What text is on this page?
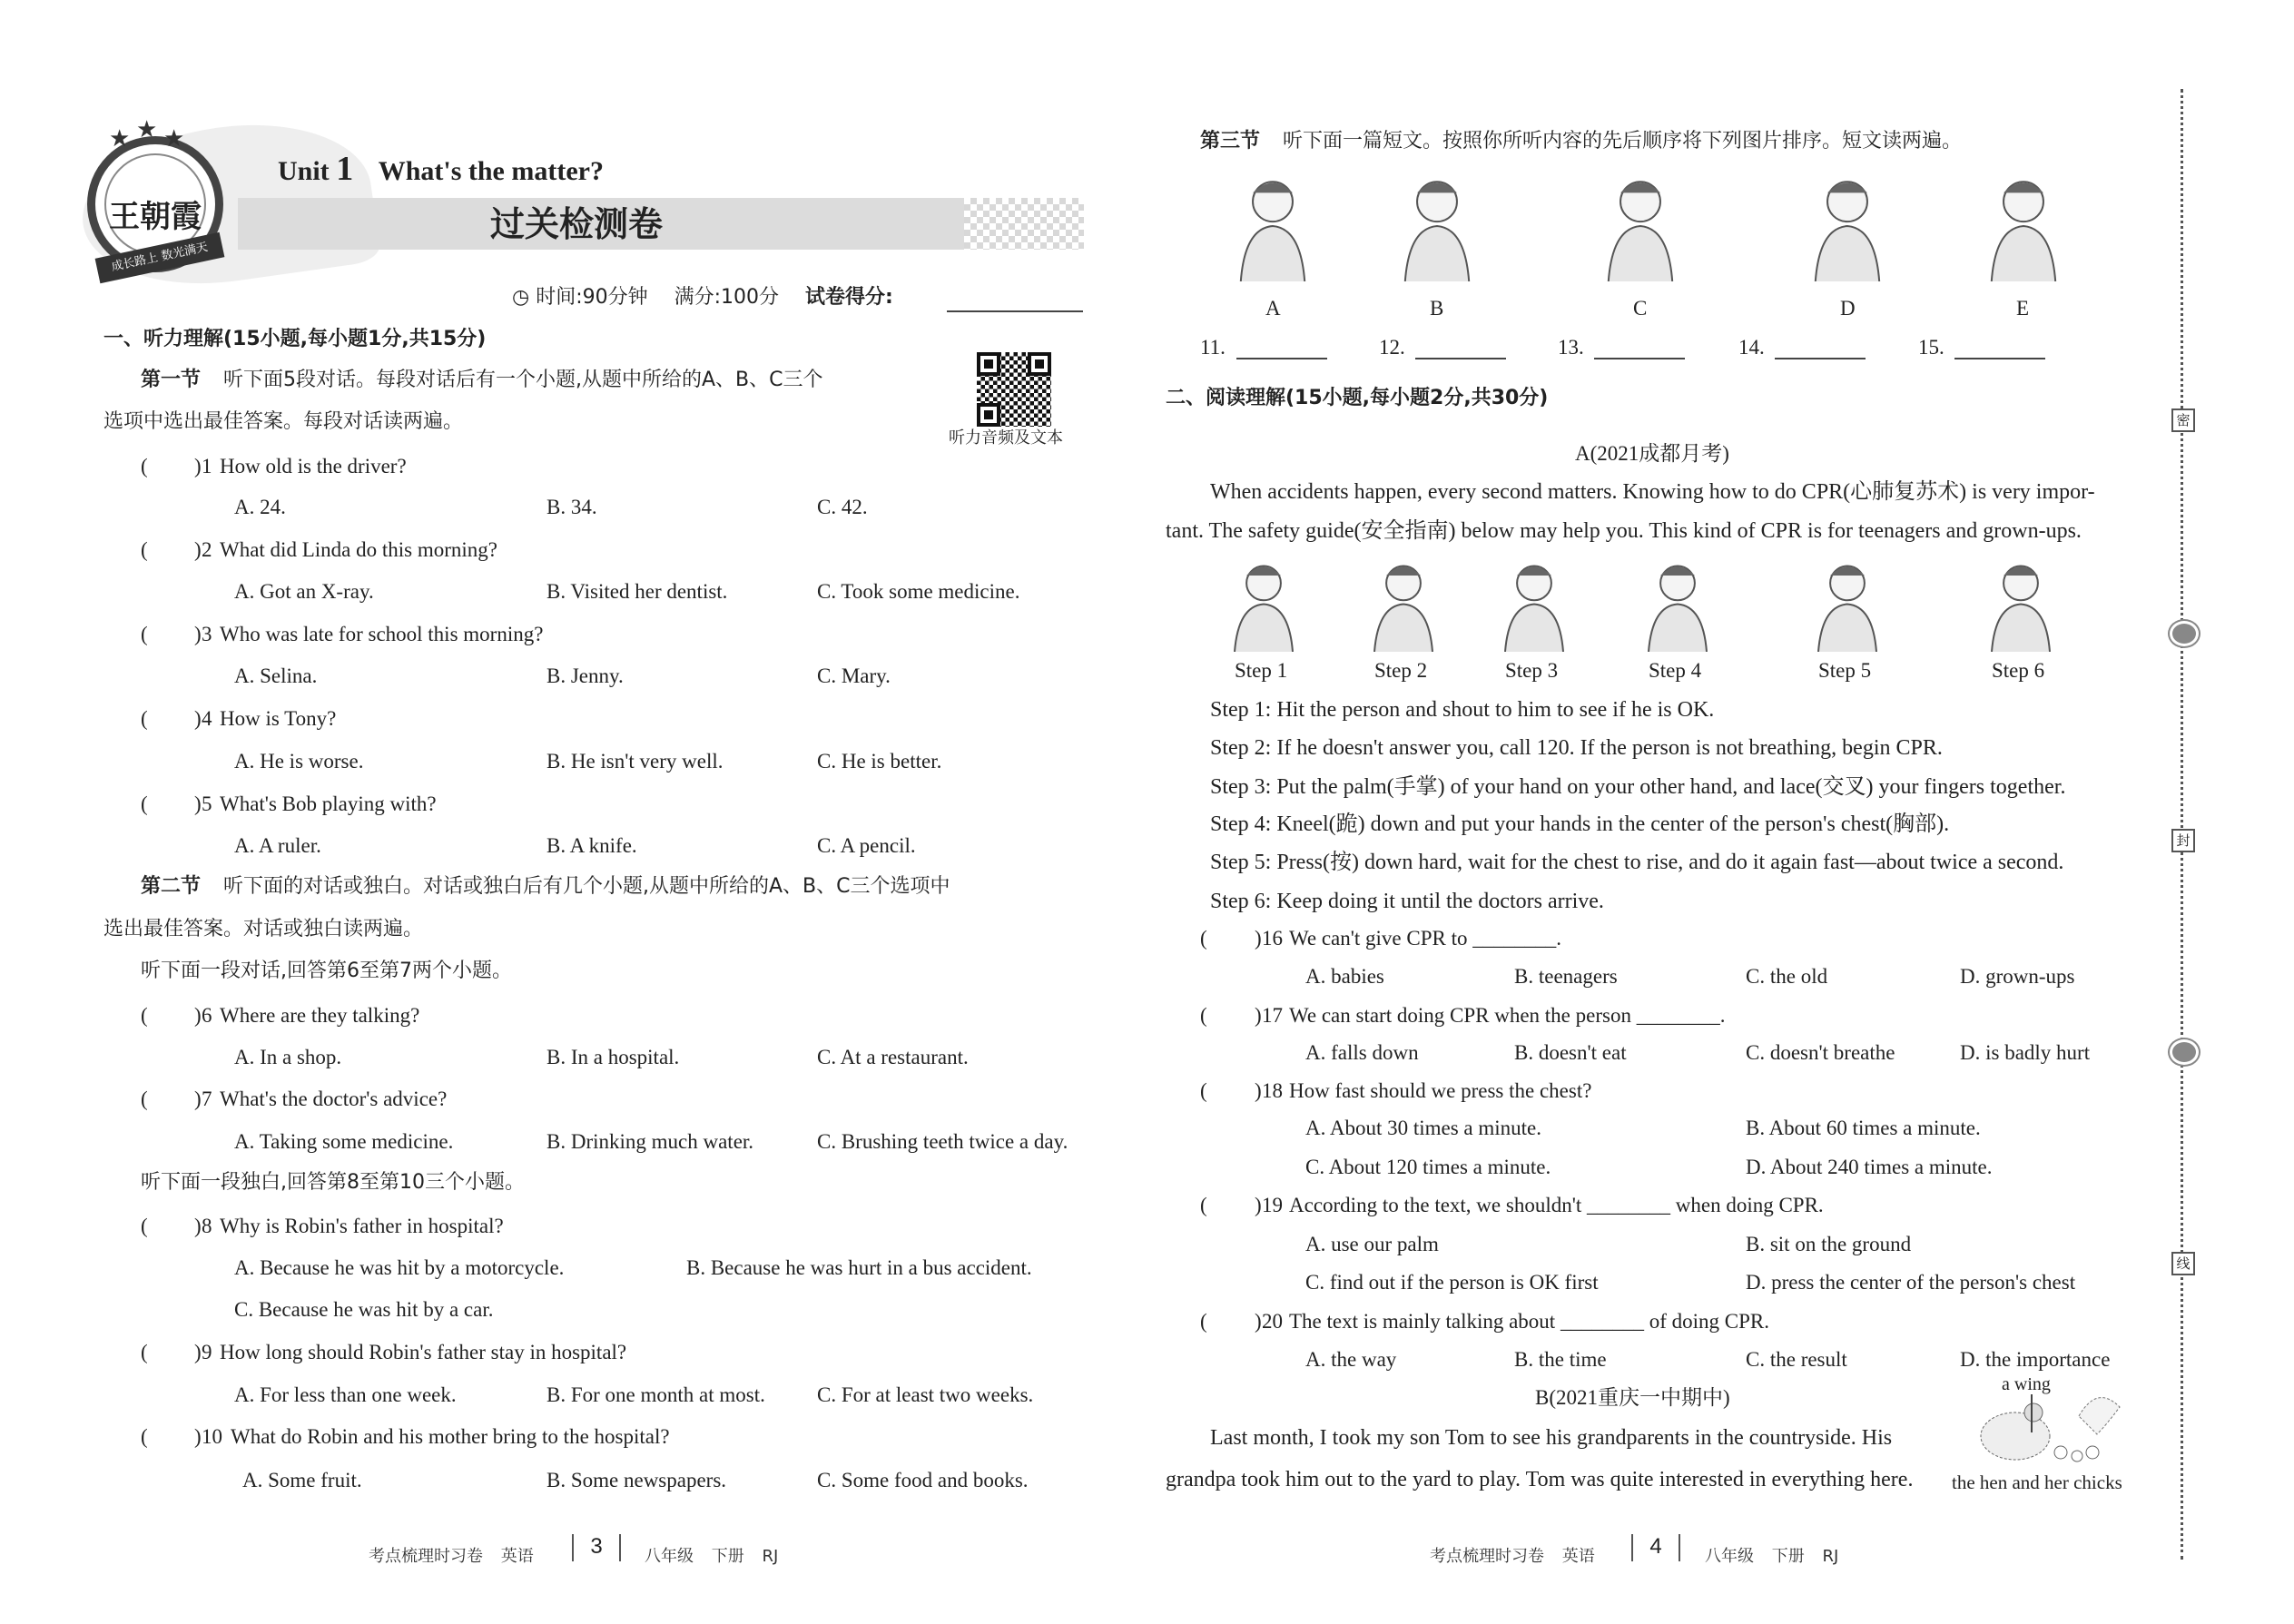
王朝霞
★
★ ★
成长路上 数光满天
Unit 1 What's the matter?
过关检测卷
◷ 时间:90分钟 满分:100分 试卷得分:
一、听力理解(15小题,每小题1分,共15分)
第一节 听下面5段对话。每段对话后有一个小题,从题中所给的A、B、C三个
选项中选出最佳答案。每段对话读两遍。
听力音频及文本
第二节 听下面的对话或独白。对话或独白后有几个小题,从题中所给的A、B、C三个选项中
选出最佳答案。对话或独白读两遍。
听下面一段对话,回答第6至第7两个小题。
听下面一段独白,回答第8至第10三个小题。
( ) 1 How old is the driver?
A. 24.	B. 34.	C. 42.
( ) 2 What did Linda do this morning?
A. Got an X-ray.	B. Visited her dentist.	C. Took some medicine.
( ) 3 Who was late for school this morning?
A. Selina.	B. Jenny.	C. Mary.
( ) 4 How is Tony?
A. He is worse.	B. He isn't very well.	C. He is better.
( ) 5 What's Bob playing with?
A. A ruler.	B. A knife.	C. A pencil.
( ) 6 Where are they talking?
A. In a shop.	B. In a hospital.	C. At a restaurant.
( ) 7 What's the doctor's advice?
A. Taking some medicine.	B. Drinking much water.	C. Brushing teeth twice a day.
( ) 8 Why is Robin's father in hospital?
A. Because he was hit by a motorcycle.	B. Because he was hurt in a bus accident.
C. Because he was hit by a car.
( ) 9 How long should Robin's father stay in hospital?
A. For less than one week.	B. For one month at most. C. For at least two weeks.
( ) 10 What do Robin and his mother bring to the hospital?
A. Some fruit.	B. Some newspapers.	C. Some food and books.
第三节 听下面一篇短文。按照你所听内容的先后顺序将下列图片排序。短文读两遍。
A	B	C	D	E
11.	12.	13.	14.	15.
二、阅读理解(15小题,每小题2分,共30分)
A(2021成都月考)
When accidents happen, every second matters. Knowing how to do CPR(心肺复苏术) is very impor-
tant. The safety guide(安全指南) below may help you. This kind of CPR is for teenagers and grown-ups.
Step 1	Step 2	Step 3	Step 4	Step 5	Step 6
Step 1: Hit the person and shout to him to see if he is OK.
Step 2: If he doesn't answer you, call 120. If the person is not breathing, begin CPR.
Step 3: Put the palm(手掌) of your hand on your other hand, and lace(交叉) your fingers together.
Step 4: Kneel(跪) down and put your hands in the center of the person's chest(胸部).
Step 5: Press(按) down hard, wait for the chest to rise, and do it again fast—about twice a second.
Step 6: Keep doing it until the doctors arrive.
( ) 16 We can't give CPR to ________.
A. babies	B. teenagers	C. the old	D. grown-ups
( ) 17 We can start doing CPR when the person ________.
A. falls down	B. doesn't eat	C. doesn't breathe	D. is badly hurt
( ) 18 How fast should we press the chest?
A. About 30 times a minute.	B. About 60 times a minute.
C. About 120 times a minute.	D. About 240 times a minute.
( ) 19 According to the text, we shouldn't ________ when doing CPR.
A. use our palm	B. sit on the ground
C. find out if the person is OK first	D. press the center of the person's chest
( ) 20 The text is mainly talking about ________ of doing CPR.
A. the way	B. the time	C. the result	D. the importance
B(2021重庆一中期中)
Last month, I took my son Tom to see his grandparents in the countryside. His
grandpa took him out to the yard to play. Tom was quite interested in everything here.
a wing
the hen and her chicks
密
封
线
考点梳理时习卷 英语	3	八年级 下册 RJ	考点梳理时习卷 英语	4	八年级 下册 RJ
